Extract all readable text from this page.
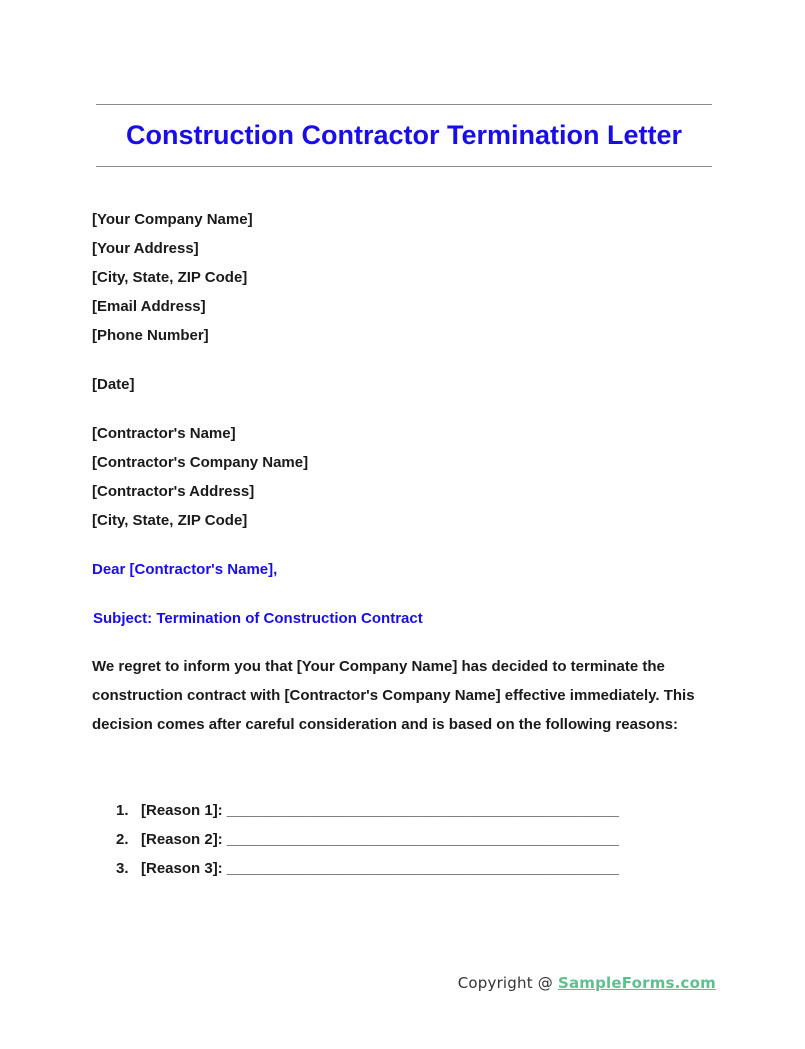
Construction Contractor Termination Letter
[Your Company Name]
[Your Address]
[City, State, ZIP Code]
[Email Address]
[Phone Number]
[Date]
[Contractor's Name]
[Contractor's Company Name]
[Contractor's Address]
[City, State, ZIP Code]

Dear [Contractor's Name],

Subject: Termination of Construction Contract

We regret to inform you that [Your Company Name] has decided to terminate the construction contract with [Contractor's Company Name] effective immediately. This decision comes after careful consideration and is based on the following reasons:

1. [Reason 1]: _______________________________________________
2. [Reason 2]: _______________________________________________
3. [Reason 3]: _______________________________________________
Copyright @ SampleForms.com
